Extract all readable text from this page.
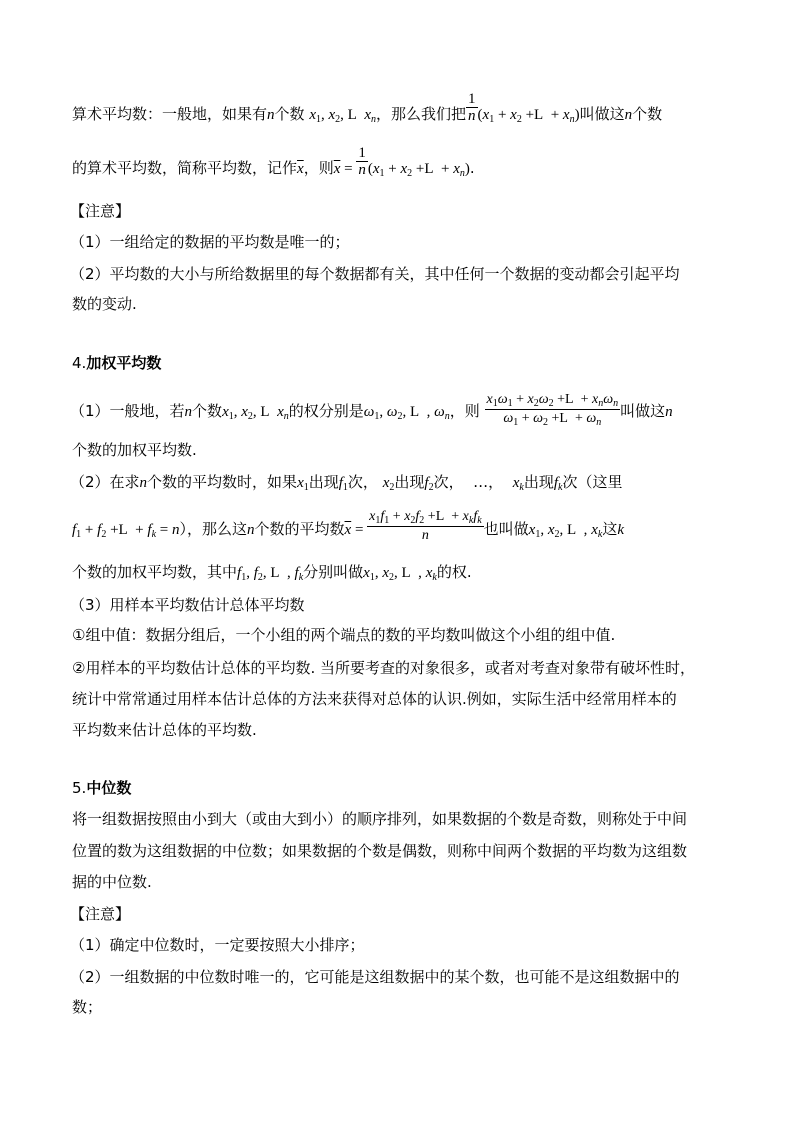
算术平均数：一般地，如果有n个数 $x_1$, $x_2$, L  $x_n$，那么我们把 $\frac{1}{n} (x_1 + x_2 +L + x_n)$叫做这n个数
的算术平均数，简称平均数，记作$\overline{x}$，则$\overline{x} = \frac{1}{n} (x_1 + x_2 +L + x_n)$.
【注意】
（1）一组给定的数据的平均数是唯一的；
（2）平均数的大小与所给数据里的每个数据都有关，其中任何一个数据的变动都会引起平均
数的变动.
4.加权平均数
（1）一般地，若n个数$x_1$, $x_2$, L  $x_n$的权分别是$\omega_1$, $\omega_2$, L  , $\omega_n$，则 $\frac{x_1\omega_1 + x_2\omega_2 +L + x_n\omega_n}{\omega_1 + \omega_2 +L + \omega_n}$ 叫做这n
个数的加权平均数.
（2）在求n个数的平均数时，如果$x_1$出现$f_1$次， $x_2$出现$f_2$次， …， $x_k$出现$f_k$次（这里
$f_1 + f_2 +L + f_k = n$），那么这n个数的平均数$\overline{x} = \frac{x_1f_1 + x_2f_2 +L + x_kf_k}{n}$ 也叫做$x_1$, $x_2$, L  , $x_k$这k
个数的加权平均数，其中$f_1$, $f_2$, L  , $f_k$分别叫做$x_1$, $x_2$, L  , $x_k$的权.
（3）用样本平均数估计总体平均数
①组中值：数据分组后，一个小组的两个端点的数的平均数叫做这个小组的组中值.
②用样本的平均数估计总体的平均数. 当所要考查的对象很多，或者对考查对象带有破坏性时，
统计中常常通过用样本估计总体的方法来获得对总体的认识.例如，实际生活中经常用样本的
平均数来估计总体的平均数.
5.中位数
将一组数据按照由小到大（或由大到小）的顺序排列，如果数据的个数是奇数，则称处于中间
位置的数为这组数据的中位数；如果数据的个数是偶数，则称中间两个数据的平均数为这组数
据的中位数.
【注意】
（1）确定中位数时，一定要按照大小排序；
（2）一组数据的中位数时唯一的，它可能是这组数据中的某个数，也可能不是这组数据中的
数；
